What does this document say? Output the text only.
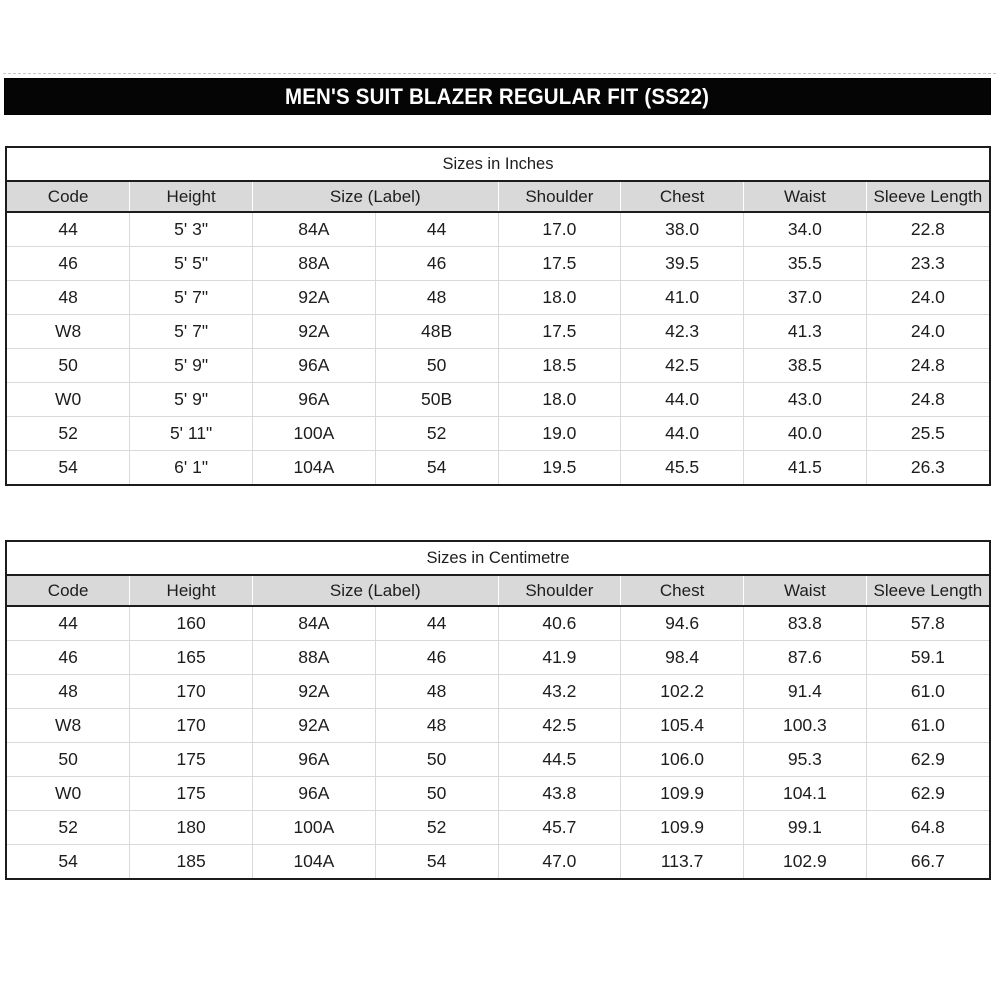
MEN'S SUIT BLAZER REGULAR FIT (SS22)
Sizes in Inches
Code	Height	Size (Label)		Shoulder	Chest	Waist	Sleeve Length
44	5' 3"	84A	44	17.0	38.0	34.0	22.8
46	5' 5"	88A	46	17.5	39.5	35.5	23.3
48	5' 7"	92A	48	18.0	41.0	37.0	24.0
W8	5' 7"	92A	48B	17.5	42.3	41.3	24.0
50	5' 9"	96A	50	18.5	42.5	38.5	24.8
W0	5' 9"	96A	50B	18.0	44.0	43.0	24.8
52	5' 11"	100A	52	19.0	44.0	40.0	25.5
54	6' 1"	104A	54	19.5	45.5	41.5	26.3
Sizes in Centimetre
Code	Height	Size (Label)		Shoulder	Chest	Waist	Sleeve Length
44	160	84A	44	40.6	94.6	83.8	57.8
46	165	88A	46	41.9	98.4	87.6	59.1
48	170	92A	48	43.2	102.2	91.4	61.0
W8	170	92A	48	42.5	105.4	100.3	61.0
50	175	96A	50	44.5	106.0	95.3	62.9
W0	175	96A	50	43.8	109.9	104.1	62.9
52	180	100A	52	45.7	109.9	99.1	64.8
54	185	104A	54	47.0	113.7	102.9	66.7
